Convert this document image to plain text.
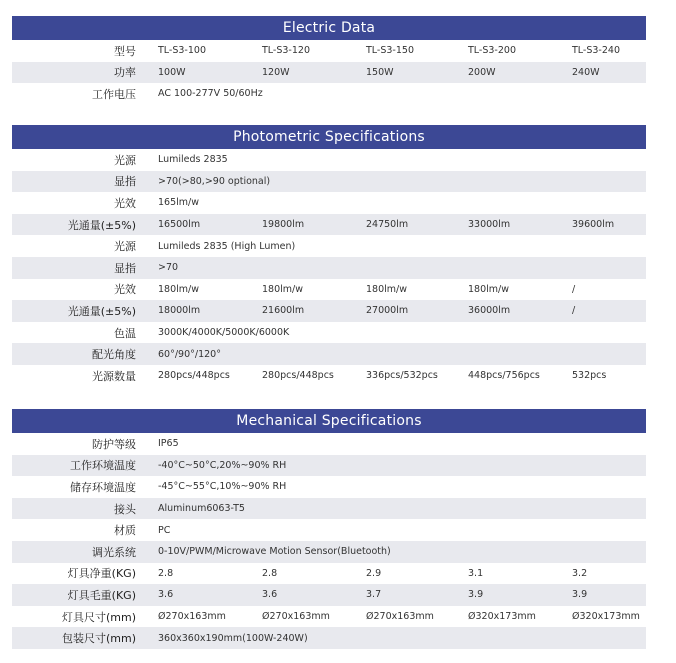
Electric Data
型号 TL-S3-100	TL-S3-120	TL-S3-150	TL-S3-200	TL-S3-240
功率 100W	120W	150W	200W	240W
工作电压 AC 100-277V 50/60Hz
Photometric Specifications
光源 Lumileds 2835
显指 >70(>80,>90 optional)
光效 165lm/w
光通量(±5%) 16500lm	19800lm	24750lm	33000lm	39600lm
光源 Lumileds 2835 (High Lumen)
显指 >70
光效 180lm/w	180lm/w	180lm/w	180lm/w	/
光通量(±5%) 18000lm	21600lm	27000lm	36000lm	/
色温 3000K/4000K/5000K/6000K
配光角度 60°/90°/120°
光源数量 280pcs/448pcs	280pcs/448pcs	336pcs/532pcs	448pcs/756pcs	532pcs
Mechanical Specifications
防护等级 IP65
工作环境温度 -40°C~50°C,20%~90% RH
储存环境温度 -45°C~55°C,10%~90% RH
接头 Aluminum6063-T5
材质 PC
调光系统 0-10V/PWM/Microwave Motion Sensor(Bluetooth)
灯具净重(KG) 2.8	2.8	2.9	3.1	3.2
灯具毛重(KG) 3.6	3.6	3.7	3.9	3.9
灯具尺寸(mm) Ø270x163mm	Ø270x163mm	Ø270x163mm	Ø320x173mm	Ø320x173mm
包装尺寸(mm) 360x360x190mm(100W-240W)
